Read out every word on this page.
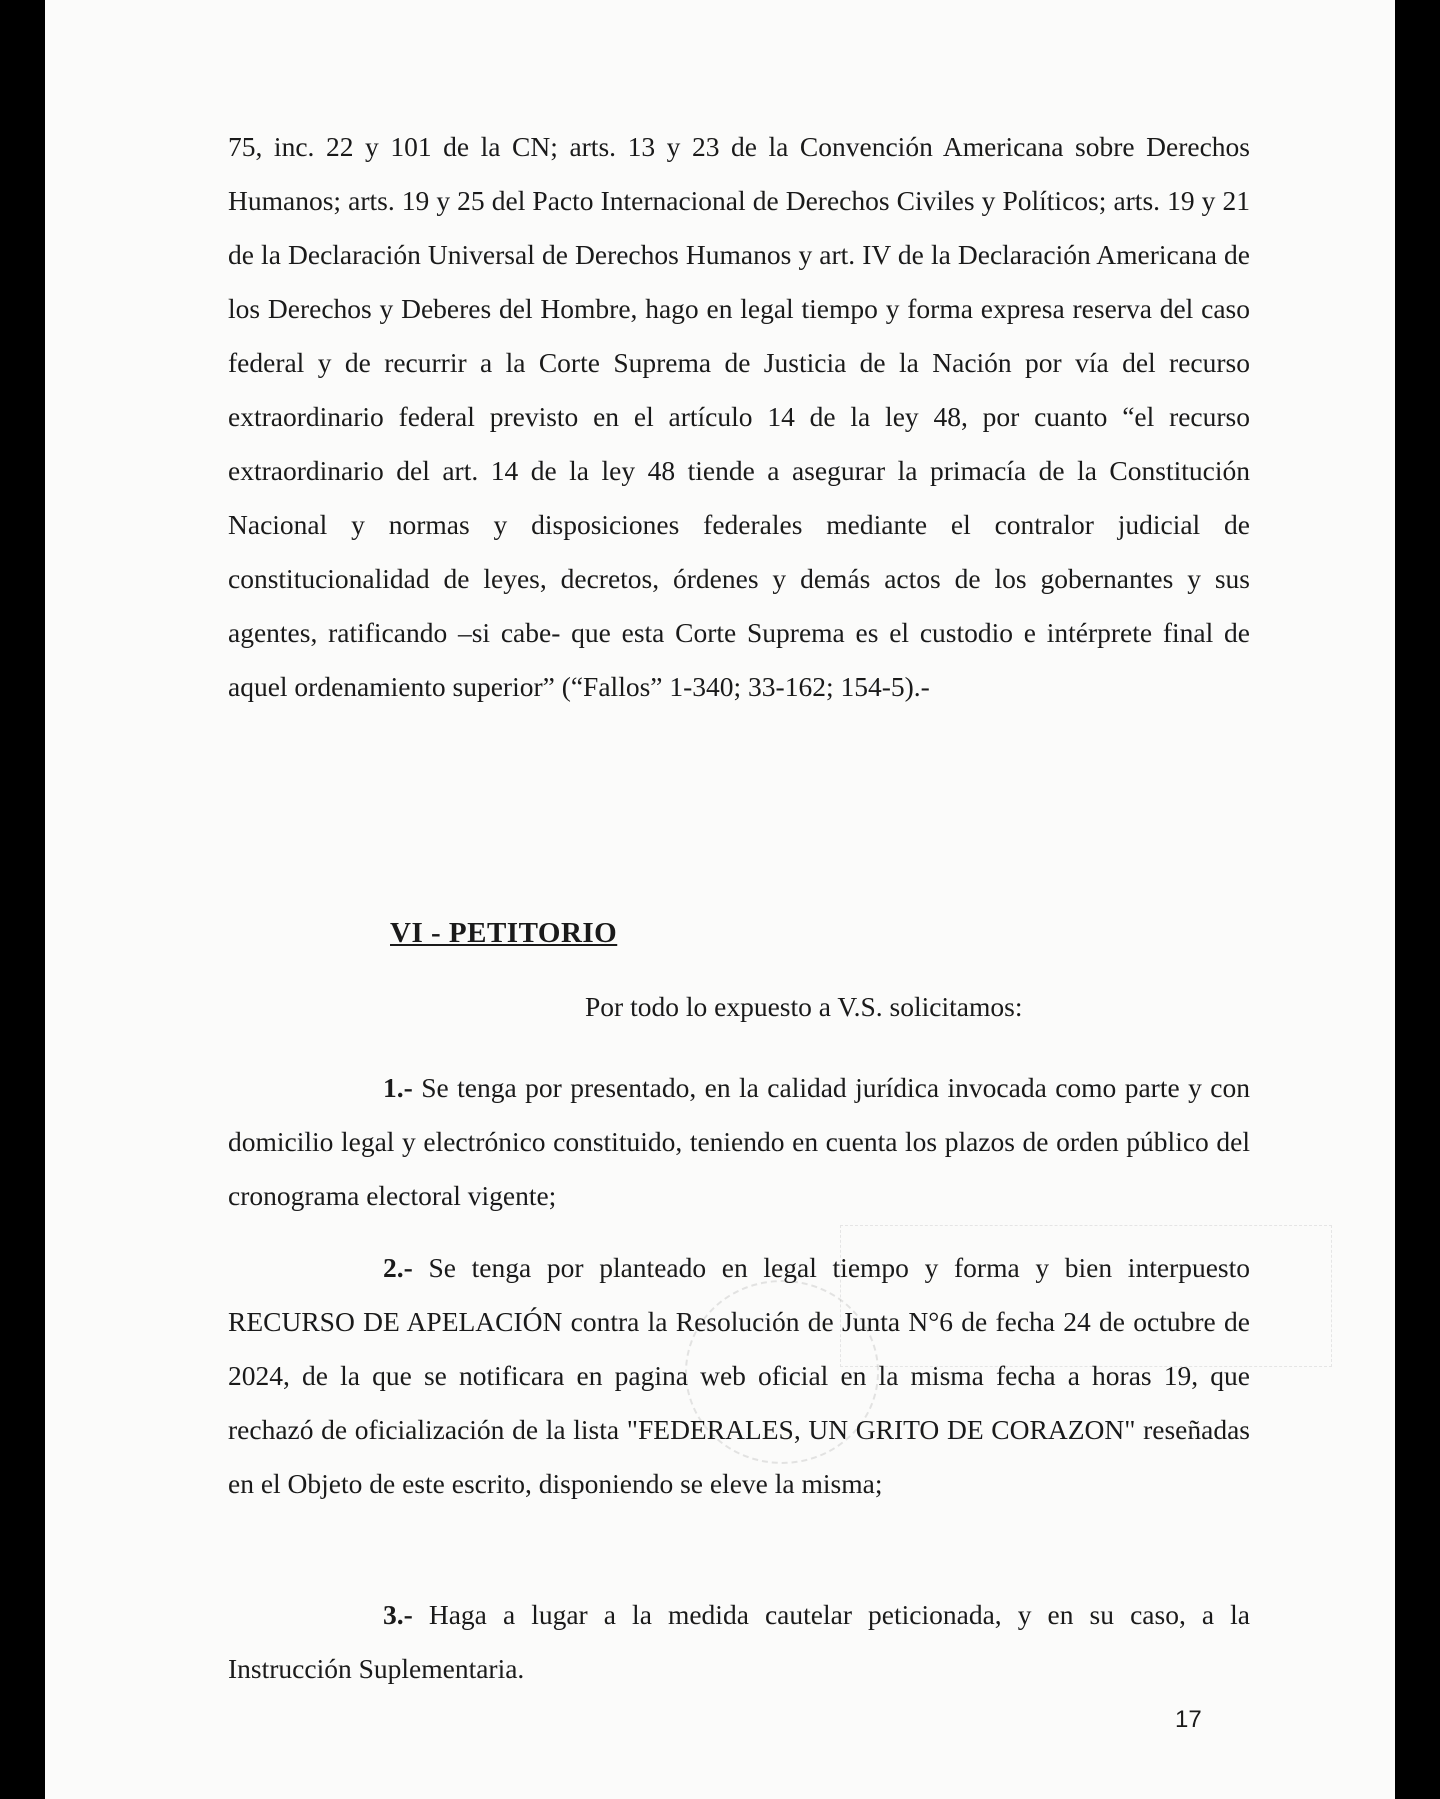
75, inc. 22 y 101 de la CN; arts. 13 y 23 de la Convención Americana sobre Derechos Humanos; arts. 19 y 25 del Pacto Internacional de Derechos Civiles y Políticos; arts. 19 y 21 de la Declaración Universal de Derechos Humanos y art. IV de la Declaración Americana de los Derechos y Deberes del Hombre, hago en legal tiempo y forma expresa reserva del caso federal y de recurrir a la Corte Suprema de Justicia de la Nación por vía del recurso extraordinario federal previsto en el artículo 14 de la ley 48, por cuanto “el recurso extraordinario del art. 14 de la ley 48 tiende a asegurar la primacía de la Constitución Nacional y normas y disposiciones federales mediante el contralor judicial de constitucionalidad de leyes, decretos, órdenes y demás actos de los gobernantes y sus agentes, ratificando –si cabe- que esta Corte Suprema es el custodio e intérprete final de aquel ordenamiento superior” (“Fallos” 1-340; 33-162; 154-5).-

VI - PETITORIO

Por todo lo expuesto a V.S. solicitamos:

1.- Se tenga por presentado, en la calidad jurídica invocada como parte y con domicilio legal y electrónico constituido, teniendo en cuenta los plazos de orden público del cronograma electoral vigente;

2.- Se tenga por planteado en legal tiempo y forma y bien interpuesto RECURSO DE APELACIÓN contra la Resolución de Junta N°6 de fecha 24 de octubre de 2024, de la que se notificara en pagina web oficial en la misma fecha a horas 19, que rechazó de oficialización de la lista "FEDERALES, UN GRITO DE CORAZON" reseñadas en el Objeto de este escrito, disponiendo se eleve la misma;

3.- Haga a lugar a la medida cautelar peticionada, y en su caso, a la Instrucción Suplementaria.

17
